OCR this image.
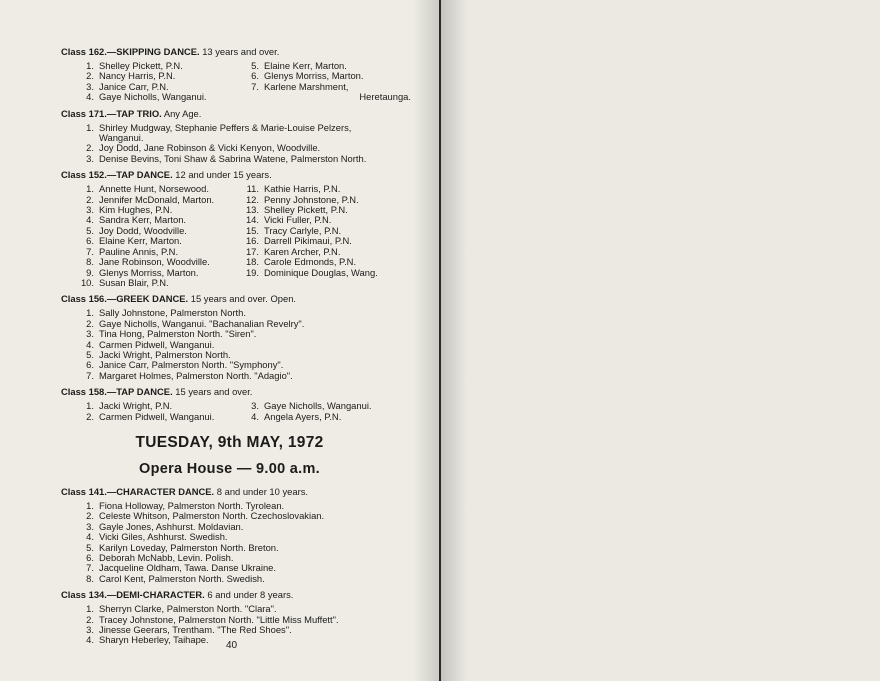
Class 162.—SKIPPING DANCE. 13 years and over.
1. Shelley Pickett, P.N.
2. Nancy Harris, P.N.
3. Janice Carr, P.N.
4. Gaye Nicholls, Wanganui.
5. Elaine Kerr, Marton.
6. Glenys Morriss, Marton.
7. Karlene Marshment,
Heretaunga.
Class 171.—TAP TRIO. Any Age.
1. Shirley Mudgway, Stephanie Peffers & Marie-Louise Pelzers,
Wanganui.
2. Joy Dodd, Jane Robinson & Vicki Kenyon, Woodville.
3. Denise Bevins, Toni Shaw & Sabrina Watene, Palmerston North.
Class 152.—TAP DANCE. 12 and under 15 years.
1. Annette Hunt, Norsewood.
2. Jennifer McDonald, Marton.
3. Kim Hughes, P.N.
4. Sandra Kerr, Marton.
5. Joy Dodd, Woodville.
6. Elaine Kerr, Marton.
7. Pauline Annis, P.N.
8. Jane Robinson, Woodville.
9. Glenys Morriss, Marton.
10. Susan Blair, P.N.
11. Kathie Harris, P.N.
12. Penny Johnstone, P.N.
13. Shelley Pickett, P.N.
14. Vicki Fuller, P.N.
15. Tracy Carlyle, P.N.
16. Darrell Pikimaui, P.N.
17. Karen Archer, P.N.
18. Carole Edmonds, P.N.
19. Dominique Douglas, Wang.
Class 156.—GREEK DANCE. 15 years and over. Open.
1. Sally Johnstone, Palmerston North.
2. Gaye Nicholls, Wanganui. "Bachanalian Revelry".
3. Tina Hong, Palmerston North. "Siren".
4. Carmen Pidwell, Wanganui.
5. Jacki Wright, Palmerston North.
6. Janice Carr, Palmerston North. "Symphony".
7. Margaret Holmes, Palmerston North. "Adagio".
Class 158.—TAP DANCE. 15 years and over.
1. Jacki Wright, P.N.
2. Carmen Pidwell, Wanganui.
3. Gaye Nicholls, Wanganui.
4. Angela Ayers, P.N.
TUESDAY, 9th MAY, 1972
Opera House — 9.00 a.m.
Class 141.—CHARACTER DANCE. 8 and under 10 years.
1. Fiona Holloway, Palmerston North. Tyrolean.
2. Celeste Whitson, Palmerston North. Czechoslovakian.
3. Gayle Jones, Ashhurst. Moldavian.
4. Vicki Giles, Ashhurst. Swedish.
5. Karilyn Loveday, Palmerston North. Breton.
6. Deborah McNabb, Levin. Polish.
7. Jacqueline Oldham, Tawa. Danse Ukraine.
8. Carol Kent, Palmerston North. Swedish.
Class 134.—DEMI-CHARACTER. 6 and under 8 years.
1. Sherryn Clarke, Palmerston North. "Clara".
2. Tracey Johnstone, Palmerston North. "Little Miss Muffett".
3. Jinesse Geerars, Trentham. "The Red Shoes".
4. Sharyn Heberley, Taihape.
40
